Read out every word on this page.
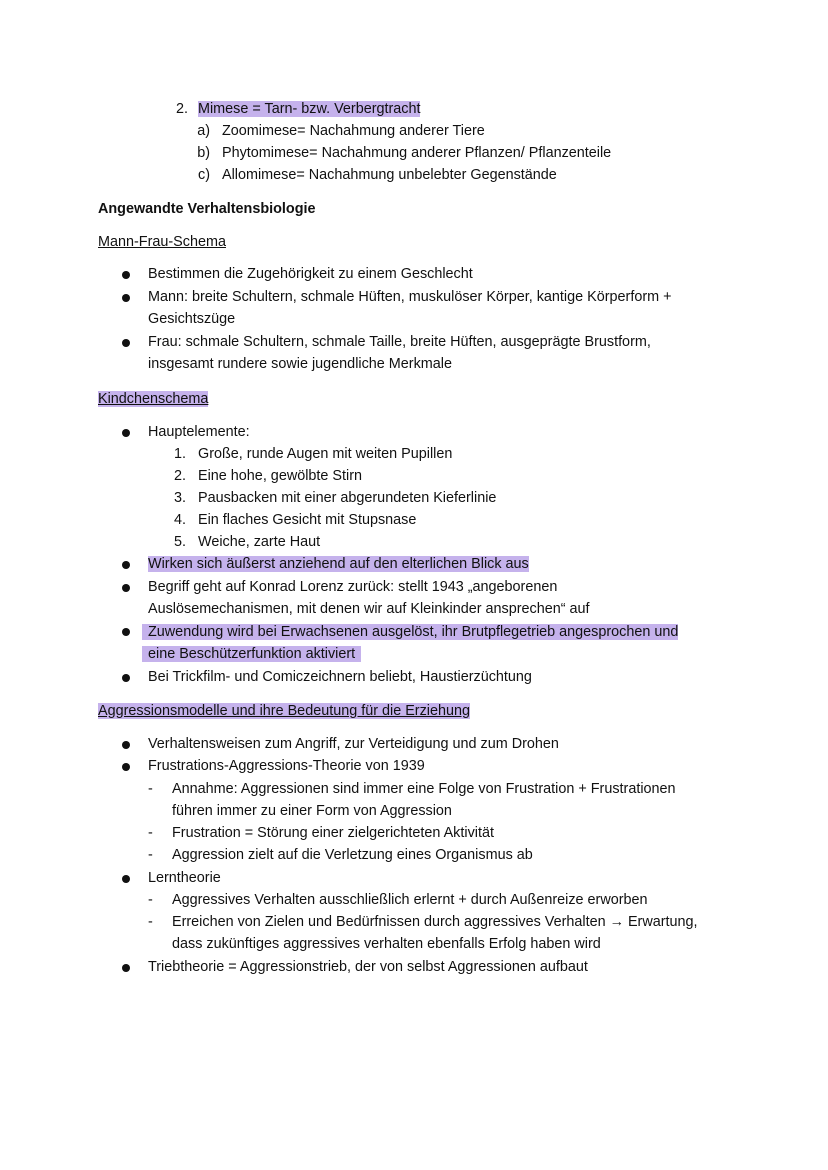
2. Mimese = Tarn- bzw. Verbergtracht
a) Zoomimese= Nachahmung anderer Tiere
b) Phytomimese= Nachahmung anderer Pflanzen/ Pflanzenteile
c) Allomimese= Nachahmung unbelebter Gegenstände
Angewandte Verhaltensbiologie
Mann-Frau-Schema
Bestimmen die Zugehörigkeit zu einem Geschlecht
Mann: breite Schultern, schmale Hüften, muskulöser Körper, kantige Körperform +
Gesichtszüge
Frau: schmale Schultern, schmale Taille, breite Hüften, ausgeprägte Brustform,
insgesamt rundere sowie jugendliche Merkmale
Kindchenschema
Hauptelemente:
1. Große, runde Augen mit weiten Pupillen
2. Eine hohe, gewölbte Stirn
3. Pausbacken mit einer abgerundeten Kieferlinie
4. Ein flaches Gesicht mit Stupsnase
5. Weiche, zarte Haut
Wirken sich äußerst anziehend auf den elterlichen Blick aus
Begriff geht auf Konrad Lorenz zurück: stellt 1943 „angeborenen
Auslösemechanismen, mit denen wir auf Kleinkinder ansprechen“ auf
Zuwendung wird bei Erwachsenen ausgelöst, ihr Brutpflegetrieb angesprochen und
eine Beschützerfunktion aktiviert
Bei Trickfilm- und Comiczeichnern beliebt, Haustierzüchtung
Aggressionsmodelle und ihre Bedeutung für die Erziehung
Verhaltensweisen zum Angriff, zur Verteidigung und zum Drohen
Frustrations-Aggressions-Theorie von 1939
- Annahme: Aggressionen sind immer eine Folge von Frustration + Frustrationen
führen immer zu einer Form von Aggression
- Frustration = Störung einer zielgerichteten Aktivität
- Aggression zielt auf die Verletzung eines Organismus ab
Lerntheorie
- Aggressives Verhalten ausschließlich erlernt + durch Außenreize erworben
- Erreichen von Zielen und Bedürfnissen durch aggressives Verhalten → Erwartung,
dass zukünftiges aggressives verhalten ebenfalls Erfolg haben wird
Triebtheorie = Aggressionstrieb, der von selbst Aggressionen aufbaut
